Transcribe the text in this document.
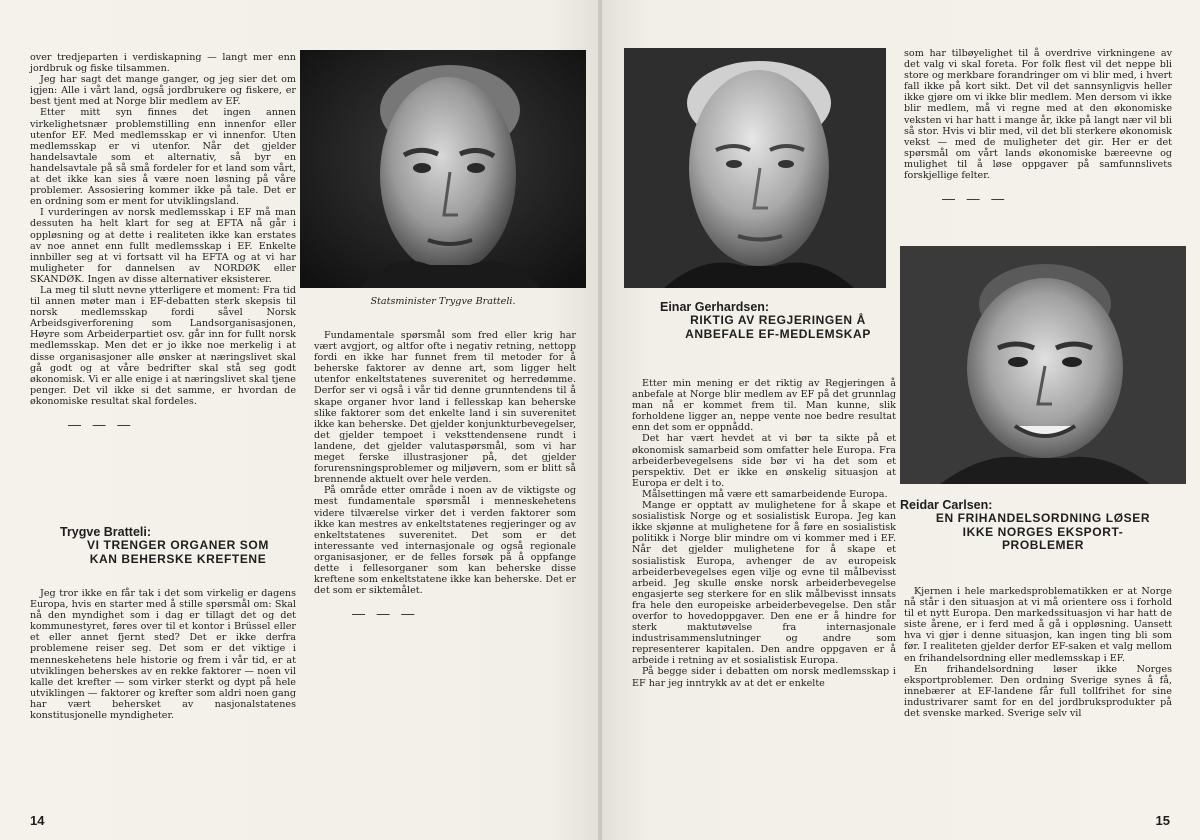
over tredjeparten i verdiskapning — langt mer enn jordbruk og fiske tilsammen.

Jeg har sagt det mange ganger, og jeg sier det om igjen: Alle i vårt land, også jordbrukere og fiskere, er best tjent med at Norge blir medlem av EF.

Etter mitt syn finnes det ingen annen virkelighetsnær problemstilling enn innenfor eller utenfor EF. Med medlemsskap er vi innenfor. Uten medlemsskap er vi utenfor. Når det gjelder handelsavtale som et alternativ, så byr en handelsavtale på så små fordeler for et land som vårt, at det ikke kan sies å være noen løsning på våre problemer. Assosiering kommer ikke på tale. Det er en ordning som er ment for utviklingsland.

I vurderingen av norsk medlemsskap i EF må man dessuten ha helt klart for seg at EFTA nå går i oppløsning og at dette i realiteten ikke kan erstates av noe annet enn fullt medlemsskap i EF. Enkelte innbiller seg at vi fortsatt vil ha EFTA og at vi har muligheter for dannelsen av NORDØK eller SKANDØK. Ingen av disse alternativer eksisterer.

La meg til slutt nevne ytterligere et moment: Fra tid til annen møter man i EF-debatten sterk skepsis til norsk medlemsskap fordi såvel Norsk Arbeidsgiverforening som Landsorganisasjonen, Høyre som Arbeiderpartiet osv. går inn for fullt norsk medlemsskap. Men det er jo ikke noe merkelig i at disse organisasjoner alle ønsker at næringslivet skal gå godt og at våre bedrifter skal stå seg godt økonomisk. Vi er alle enige i at næringslivet skal tjene penger. Det vil ikke si det samme, er hvordan de økonomiske resultat skal fordeles.

— — —
Trygve Bratteli:
VI TRENGER ORGANER SOM
KAN BEHERSKE KREFTENE

Jeg tror ikke en får tak i det som virkelig er dagens Europa, hvis en starter med å stille spørsmål om: Skal nå den myndighet som i dag er tillagt det og det kommunestyret, føres over til et kontor i Brüssel eller et eller annet fjernt sted? Det er ikke derfra problemene reiser seg. Det som er det viktige i menneskehetens hele historie og frem i vår tid, er at utviklingen beherskes av en rekke faktorer — noen vil kalle det krefter — som virker sterkt og dypt på hele utviklingen — faktorer og krefter som aldri noen gang har vært behersket av nasjonalstatenes konstitusjonelle myndigheter.

Statsminister Trygve Bratteli.

Fundamentale spørsmål som fred eller krig har vært avgjort, og altfor ofte i negativ retning, nettopp fordi en ikke har funnet frem til metoder for å beherske faktorer av denne art, som ligger helt utenfor enkeltstatenes suverenitet og herredømme. Derfor ser vi også i vår tid denne grunntendens til å skape organer hvor land i fellesskap kan beherske slike faktorer som det enkelte land i sin suverenitet ikke kan beherske. Det gjelder konjunkturbevegelser, det gjelder tempoet i veksttendensene rundt i landene, det gjelder valutaspørsmål, som vi har meget ferske illustrasjoner på, det gjelder forurensningsproblemer og miljøvern, som er blitt så brennende aktuelt over hele verden.

På område etter område i noen av de viktigste og mest fundamentale spørsmål i menneskehetens videre tilværelse virker det i verden faktorer som ikke kan mestres av enkeltstatenes regjeringer og av enkeltstatenes suverenitet. Det som er det interessante ved internasjonale og også regionale organisasjoner, er de felles forsøk på å oppfange dette i fellesorganer som kan beherske disse kreftene som enkeltstatene ikke kan beherske. Det er det som er siktemålet.

— — —
14
Einar Gerhardsen:
RIKTIG AV REGJERINGEN Å
ANBEFALE EF-MEDLEMSKAP

Etter min mening er det riktig av Regjeringen å anbefale at Norge blir medlem av EF på det grunnlag man nå er kommet frem til. Man kunne, slik forholdene ligger an, neppe vente noe bedre resultat enn det som er oppnådd.

Det har vært hevdet at vi bør ta sikte på et økonomisk samarbeid som omfatter hele Europa. Fra arbeiderbevegelsens side bør vi ha det som et perspektiv. Det er ikke en ønskelig situasjon at Europa er delt i to.

Målsettingen må være ett samarbeidende Europa.

Mange er opptatt av mulighetene for å skape et sosialistisk Norge og et sosialistisk Europa. Jeg kan ikke skjønne at mulighetene for å føre en sosialistisk politikk i Norge blir mindre om vi kommer med i EF. Når det gjelder mulighetene for å skape et sosialistisk Europa, avhenger de av europeisk arbeiderbevegelses egen vilje og evne til målbevisst arbeid. Jeg skulle ønske norsk arbeiderbevegelse engasjerte seg sterkere for en slik målbevisst innsats fra hele den europeiske arbeiderbevegelse. Den står overfor to hovedoppgaver. Den ene er å hindre for sterk maktutøvelse fra internasjonale industrisammenslutninger og andre som representerer kapitalen. Den andre oppgaven er å arbeide i retning av et sosialistisk Europa.

På begge sider i debatten om norsk medlemsskap i EF har jeg inntrykk av at det er enkelte

som har tilbøyelighet til å overdrive virkningene av det valg vi skal foreta. For folk flest vil det neppe bli store og merkbare forandringer om vi blir med, i hvert fall ikke på kort sikt. Det vil det sannsynligvis heller ikke gjøre om vi ikke blir medlem. Men dersom vi ikke blir medlem, må vi regne med at den økonomiske veksten vi har hatt i mange år, ikke på langt nær vil bli så stor. Hvis vi blir med, vil det bli sterkere økonomisk vekst — med de muligheter det gir. Her er det spørsmål om vårt lands økonomiske bæreevne og mulighet til å løse oppgaver på samfunnslivets forskjellige felter.

— — —
Reidar Carlsen:
EN FRIHANDELSORDNING LØSER
IKKE NORGES EKSPORT-
PROBLEMER

Kjernen i hele markedsproblematikken er at Norge nå står i den situasjon at vi må orientere oss i forhold til et nytt Europa. Den markedssituasjon vi har hatt de siste årene, er i ferd med å gå i oppløsning. Uansett hva vi gjør i denne situasjon, kan ingen ting bli som før. I realiteten gjelder derfor EF-saken et valg mellom en frihandelsordning eller medlemsskap i EF.

En frihandelsordning løser ikke Norges eksportproblemer. Den ordning Sverige synes å få, innebærer at EF-landene får full tollfrihet for sine industrivarer samt for en del jordbruksprodukter på det svenske marked. Sverige selv vil

15
